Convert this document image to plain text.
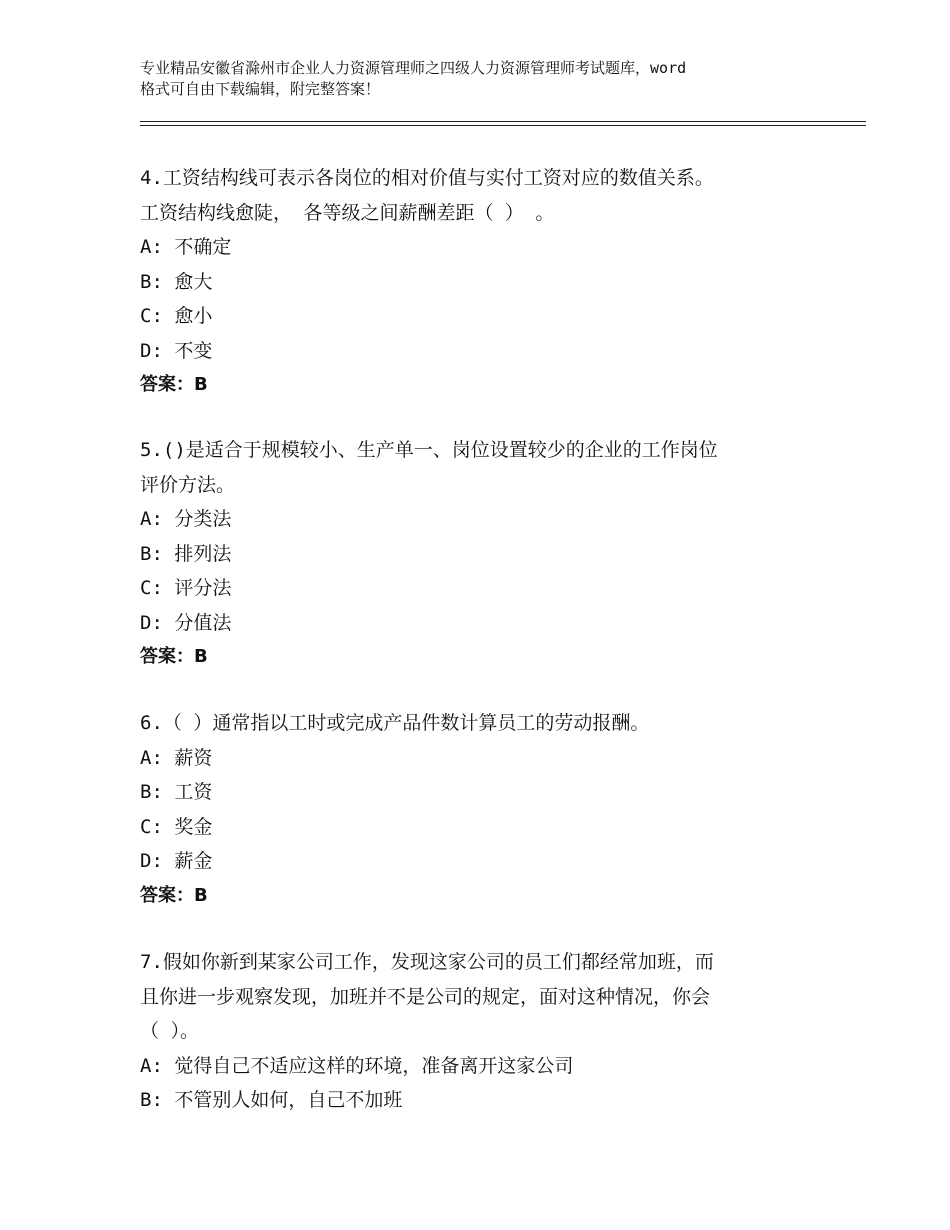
专业精品安徽省滁州市企业人力资源管理师之四级人力资源管理师考试题库，word
格式可自由下载编辑，附完整答案！
4.工资结构线可表示各岗位的相对价值与实付工资对应的数值关系。
工资结构线愈陡， 各等级之间薪酬差距（ ） 。
A: 不确定
B: 愈大
C: 愈小
D: 不变
答案：B
5.()是适合于规模较小、生产单一、岗位设置较少的企业的工作岗位
评价方法。
A: 分类法
B: 排列法
C: 评分法
D: 分值法
答案：B
6.（ ）通常指以工时或完成产品件数计算员工的劳动报酬。
A: 薪资
B: 工资
C: 奖金
D: 薪金
答案：B
7.假如你新到某家公司工作，发现这家公司的员工们都经常加班，而
且你进一步观察发现，加班并不是公司的规定，面对这种情况，你会
（ ）。
A: 觉得自己不适应这样的环境，准备离开这家公司
B: 不管别人如何，自己不加班
